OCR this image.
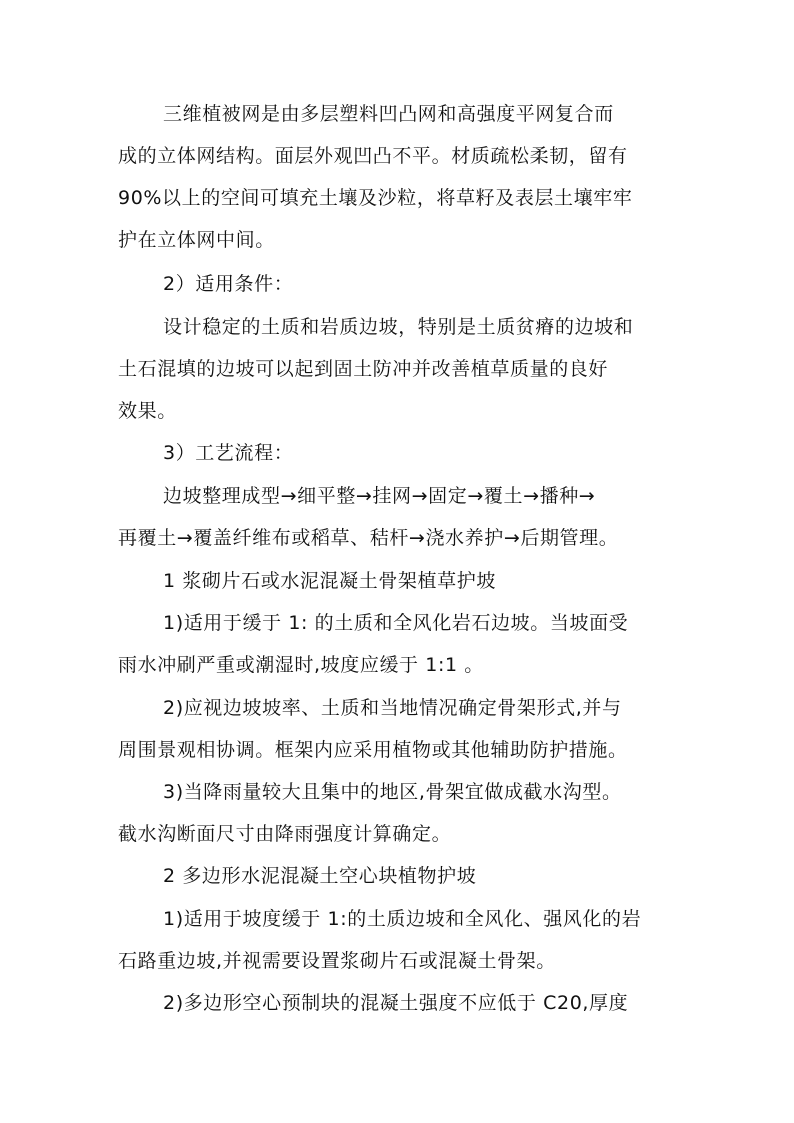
三维植被网是由多层塑料凹凸网和高强度平网复合而
成的立体网结构。面层外观凹凸不平。材质疏松柔韧，留有
90%以上的空间可填充土壤及沙粒，将草籽及表层土壤牢牢
护在立体网中间。
2）适用条件：
设计稳定的土质和岩质边坡，特别是土质贫瘠的边坡和
土石混填的边坡可以起到固土防冲并改善植草质量的良好
效果。
3）工艺流程：
边坡整理成型→细平整→挂网→固定→覆土→播种→
再覆土→覆盖纤维布或稻草、秸杆→浇水养护→后期管理。
1 浆砌片石或水泥混凝土骨架植草护坡
1)适用于缓于 1: 的土质和全风化岩石边坡。当坡面受
雨水冲刷严重或潮湿时,坡度应缓于 1:1 。
2)应视边坡坡率、土质和当地情况确定骨架形式,并与
周围景观相协调。框架内应采用植物或其他辅助防护措施。
3)当降雨量较大且集中的地区,骨架宜做成截水沟型。
截水沟断面尺寸由降雨强度计算确定。
2 多边形水泥混凝土空心块植物护坡
1)适用于坡度缓于 1:的土质边坡和全风化、强风化的岩
石路重边坡,并视需要设置浆砌片石或混凝土骨架。
2)多边形空心预制块的混凝土强度不应低于 C20,厚度
